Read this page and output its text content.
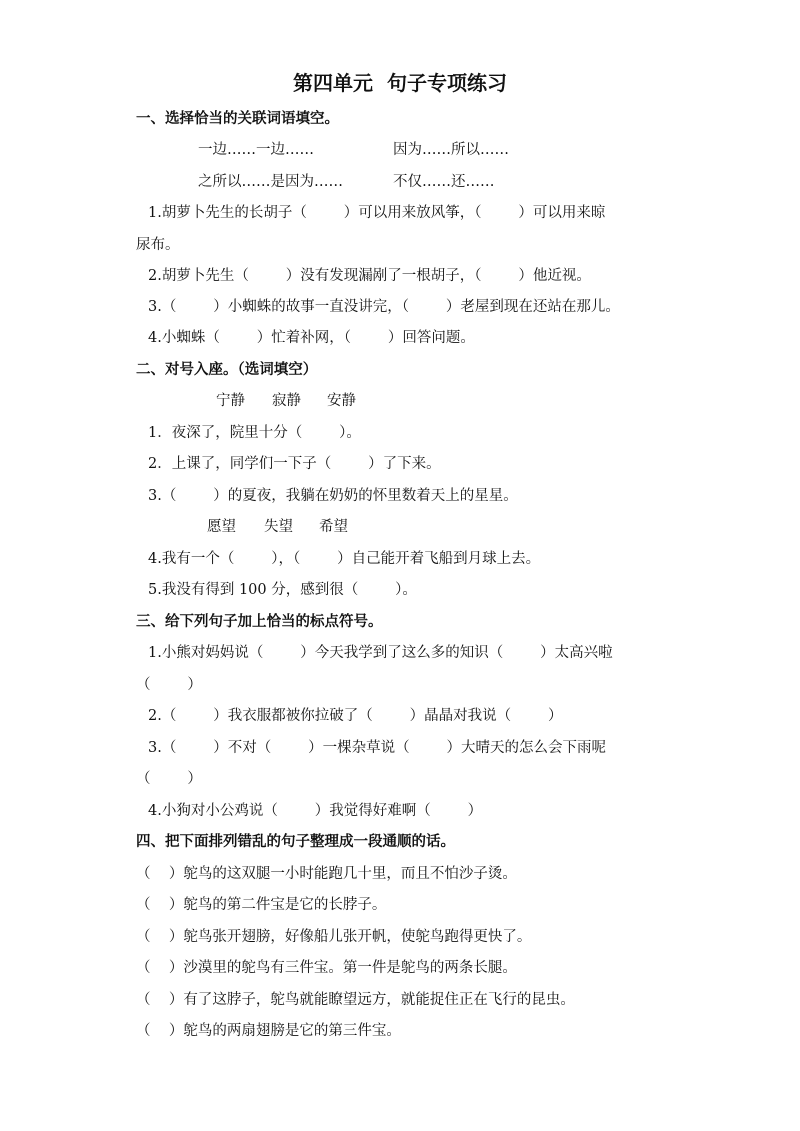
第四单元  句子专项练习
一、选择恰当的关联词语填空。
一边……一边……	因为……所以……
之所以……是因为……	不仅……还……
1.胡萝卜先生的长胡子（        ）可以用来放风筝，（        ）可以用来晾
尿布。
2.胡萝卜先生（        ）没有发现漏剐了一根胡子，（        ）他近视。
3.（        ）小蜘蛛的故事一直没讲完，（        ）老屋到现在还站在那儿。
4.小蜘蛛（        ）忙着补网，（        ）回答问题。
二、对号入座。（选词填空）
宁静 寂静 安静
1．夜深了，院里十分（        ）。
2．上课了，同学们一下子（        ）了下来。
3.（        ）的夏夜，我躺在奶奶的怀里数着天上的星星。
愿望 失望 希望
4.我有一个（        ），（        ）自己能开着飞船到月球上去。
5.我没有得到 100 分，感到很（        ）。
三、给下列句子加上恰当的标点符号。
1.小熊对妈妈说（        ）今天我学到了这么多的知识（        ）太高兴啦
（        ）
2.（        ）我衣服都被你拉破了（        ）晶晶对我说（        ）
3.（        ）不对（        ）一棵杂草说（        ）大晴天的怎么会下雨呢
（        ）
4.小狗对小公鸡说（        ）我觉得好难啊（        ）
四、把下面排列错乱的句子整理成一段通顺的话。
（    ）鸵鸟的这双腿一小时能跑几十里，而且不怕沙子烫。
（    ）鸵鸟的第二件宝是它的长脖子。
（    ）鸵鸟张开翅膀，好像船儿张开帆，使鸵鸟跑得更快了。
（    ）沙漠里的鸵鸟有三件宝。第一件是鸵鸟的两条长腿。
（    ）有了这脖子，鸵鸟就能瞭望远方，就能捉住正在飞行的昆虫。
（    ）鸵鸟的两扇翅膀是它的第三件宝。
